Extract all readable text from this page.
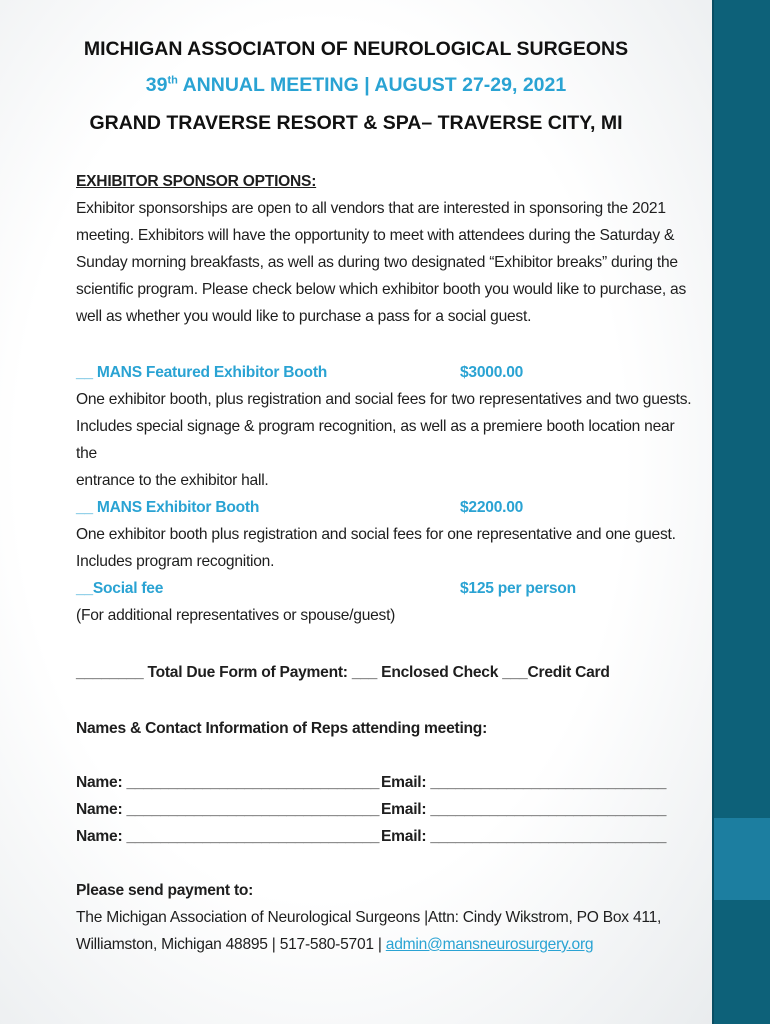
MICHIGAN ASSOCIATON OF NEUROLOGICAL SURGEONS
39th ANNUAL MEETING | AUGUST 27-29, 2021
GRAND TRAVERSE RESORT & SPA– TRAVERSE CITY, MI
EXHIBITOR SPONSOR OPTIONS:
Exhibitor sponsorships are open to all vendors that are interested in sponsoring the 2021
meeting. Exhibitors will have the opportunity to meet with attendees during the Saturday &
Sunday morning breakfasts, as well as during two designated “Exhibitor breaks” during the
scientific program. Please check below which exhibitor booth you would like to purchase, as
well as whether you would like to purchase a pass for a social guest.
__ MANS Featured Exhibitor Booth	$3000.00
One exhibitor booth, plus registration and social fees for two representatives and two guests.
Includes special signage & program recognition, as well as a premiere booth location near the
entrance to the exhibitor hall.
__ MANS Exhibitor Booth	$2200.00
One exhibitor booth plus registration and social fees for one representative and one guest.
Includes program recognition.
__Social fee	$125 per person
(For additional representatives or spouse/guest)
________ Total Due Form of Payment: ___ Enclosed Check ___Credit Card
Names & Contact Information of Reps attending meeting:
Name: ______________________________ Email: ____________________________
Name: ______________________________ Email: ____________________________
Name: ______________________________ Email: ____________________________
Please send payment to:
The Michigan Association of Neurological Surgeons |Attn: Cindy Wikstrom, PO Box 411,
Williamston, Michigan 48895 | 517-580-5701 | admin@mansneurosurgery.org
